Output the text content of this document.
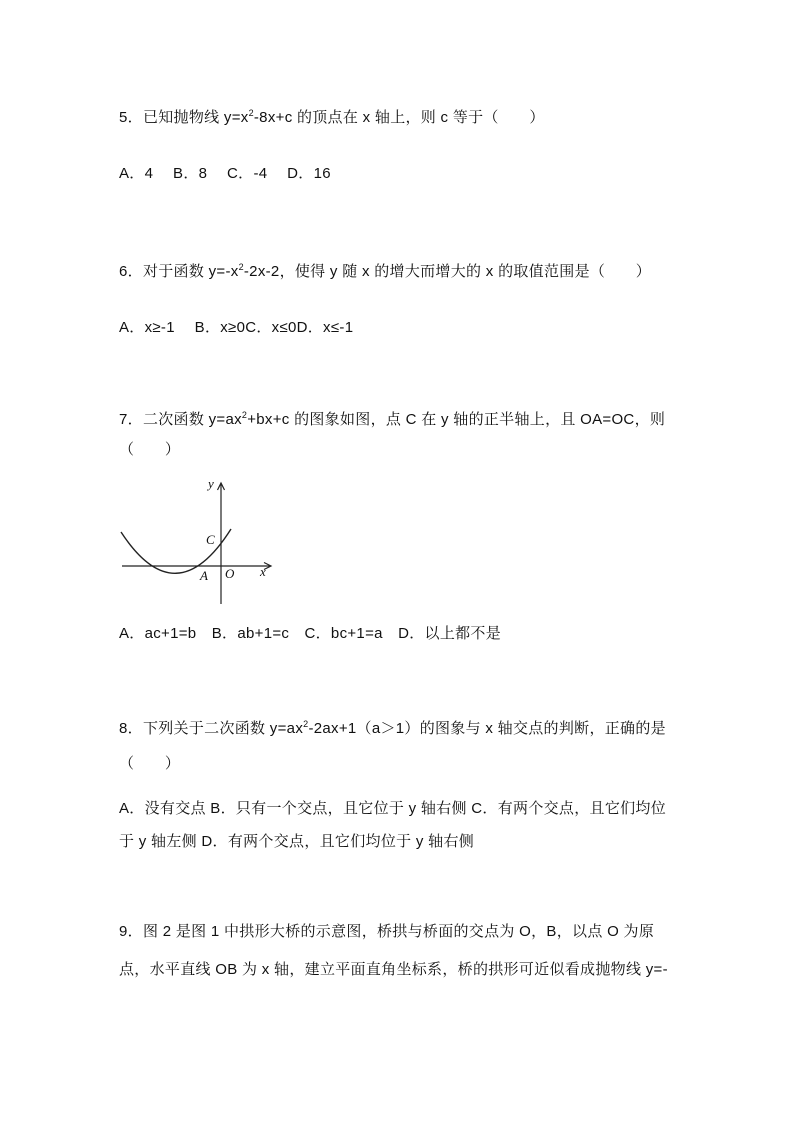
5．已知抛物线 $y=x^2-8x+c$ 的顶点在 x 轴上，则 c 等于（　　）
A．4　 B．8　 C．-4　 D．16
6．对于函数 $y=-x^2-2x-2$，使得 y 随 x 的增大而增大的 x 的取值范围是（　　）
A．x≥-1　 B．x≥0C．x≤0D．x≤-1
7．二次函数 $y=ax^2+bx+c$ 的图象如图，点 C 在 y 轴的正半轴上，且 OA=OC，则
（　　）
y
x
C
A O
A．ac+1=b　B．ab+1=c　C．bc+1=a　D．以上都不是
8．下列关于二次函数 $y=ax^2-2ax+1(a>1)$的图象与 x 轴交点的判断，正确的是
（　　）
A．没有交点 B．只有一个交点，且它位于 y 轴右侧 C．有两个交点，且它们均位
于 y 轴左侧 D．有两个交点，且它们均位于 y 轴右侧
9．图 2 是图 1 中拱形大桥的示意图，桥拱与桥面的交点为 O，B，以点 O 为原
点，水平直线 OB 为 x 轴，建立平面直角坐标系，桥的拱形可近似看成抛物线 y=-
